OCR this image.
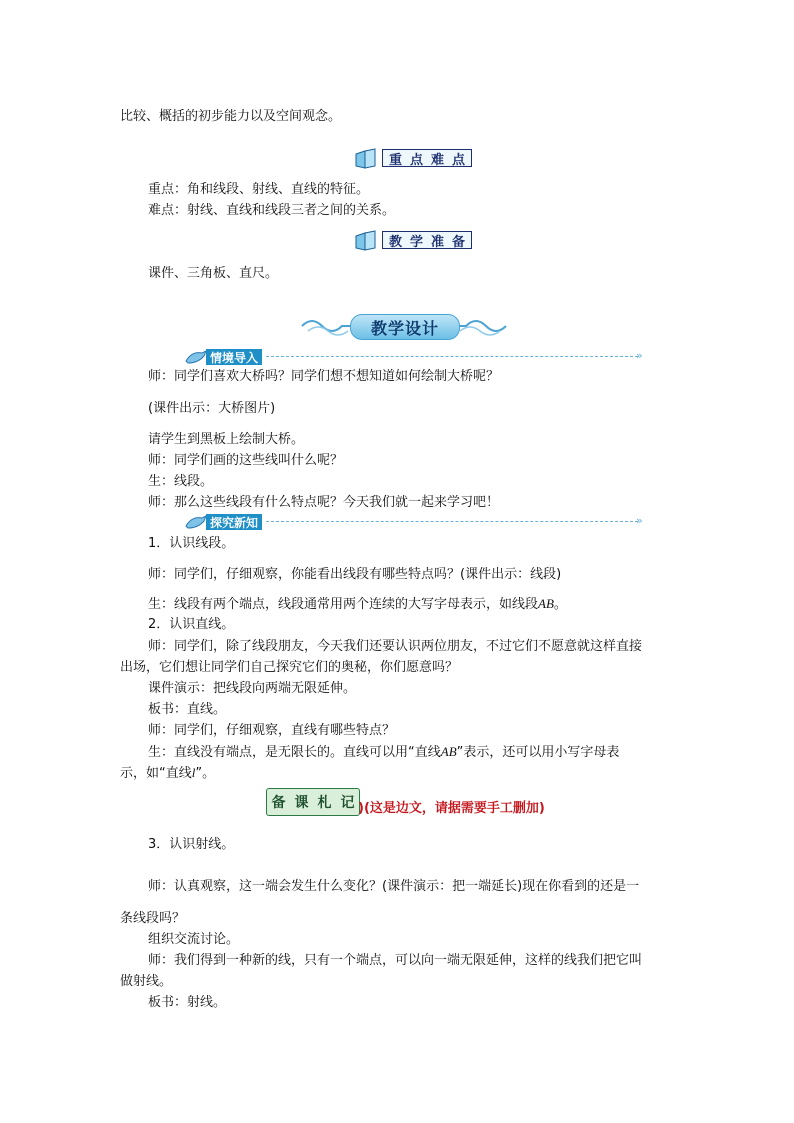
比较、概括的初步能力以及空间观念。
重 点 难 点
重点：角和线段、射线、直线的特征。
难点：射线、直线和线段三者之间的关系。
教 学 准 备
课件、三角板、直尺。
教学设计
情境导入	»
师：同学们喜欢大桥吗？同学们想不想知道如何绘制大桥呢？
(课件出示：大桥图片)
请学生到黑板上绘制大桥。
师：同学们画的这些线叫什么呢？
生：线段。
师：那么这些线段有什么特点呢？今天我们就一起来学习吧！
探究新知	»
1．认识线段。
师：同学们，仔细观察，你能看出线段有哪些特点吗？(课件出示：线段)
生：线段有两个端点，线段通常用两个连续的大写字母表示，如线段AB。
2．认识直线。
师：同学们，除了线段朋友，今天我们还要认识两位朋友，不过它们不愿意就这样直接
出场，它们想让同学们自己探究它们的奥秘，你们愿意吗？
课件演示：把线段向两端无限延伸。
板书：直线。
师：同学们，仔细观察，直线有哪些特点？
生：直线没有端点，是无限长的。直线可以用“直线AB”表示，还可以用小写字母表
示，如“直线l”。
备 课 札 记 )(这是边文，请据需要手工删加)
3．认识射线。
师：认真观察，这一端会发生什么变化？(课件演示：把一端延长)现在你看到的还是一
条线段吗？
组织交流讨论。
师：我们得到一种新的线，只有一个端点，可以向一端无限延伸，这样的线我们把它叫
做射线。
板书：射线。
